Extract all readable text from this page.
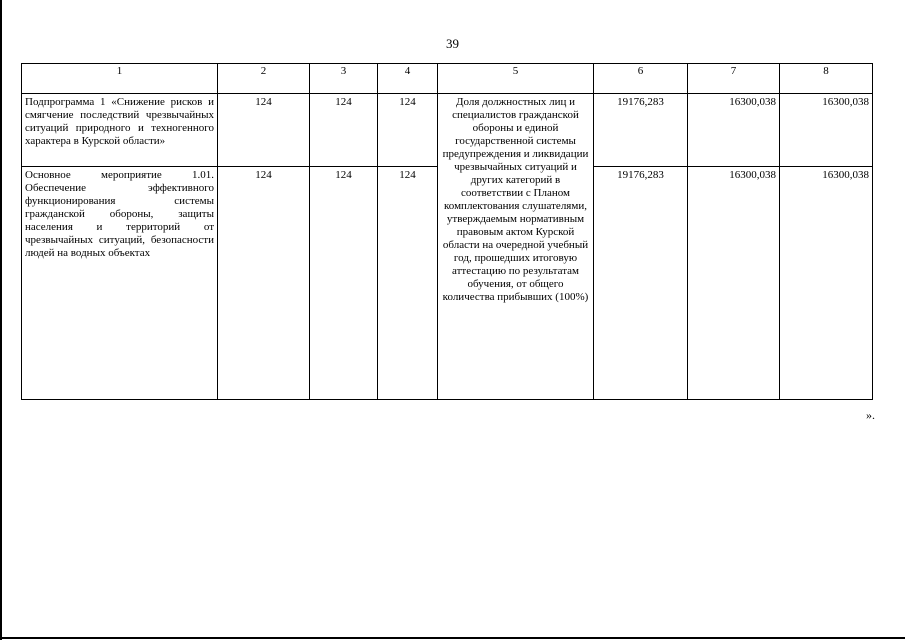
39
1	2	3	4	5	6	7	8
Подпрограмма 1 «Снижение рисков и смягчение последствий чрезвычайных ситуаций природного и техногенного характера в Курской области»	124	124	124	Доля должностных лиц и специалистов гражданской обороны и единой государственной системы предупреждения и ликвидации чрезвычайных ситуаций и других категорий в соответствии с Планом комплектования слушателями, утверждаемым нормативным правовым актом Курской области на очередной учебный год, прошедших итоговую аттестацию по результатам обучения, от общего количества прибывших (100%)	19176,283	16300,038	16300,038
Основное мероприятие 1.01. Обеспечение эффективного функционирования системы гражданской обороны, защиты населения и территорий от чрезвычайных ситуаций, безопасности людей на водных объектах	124	124	124		19176,283	16300,038	16300,038
».
